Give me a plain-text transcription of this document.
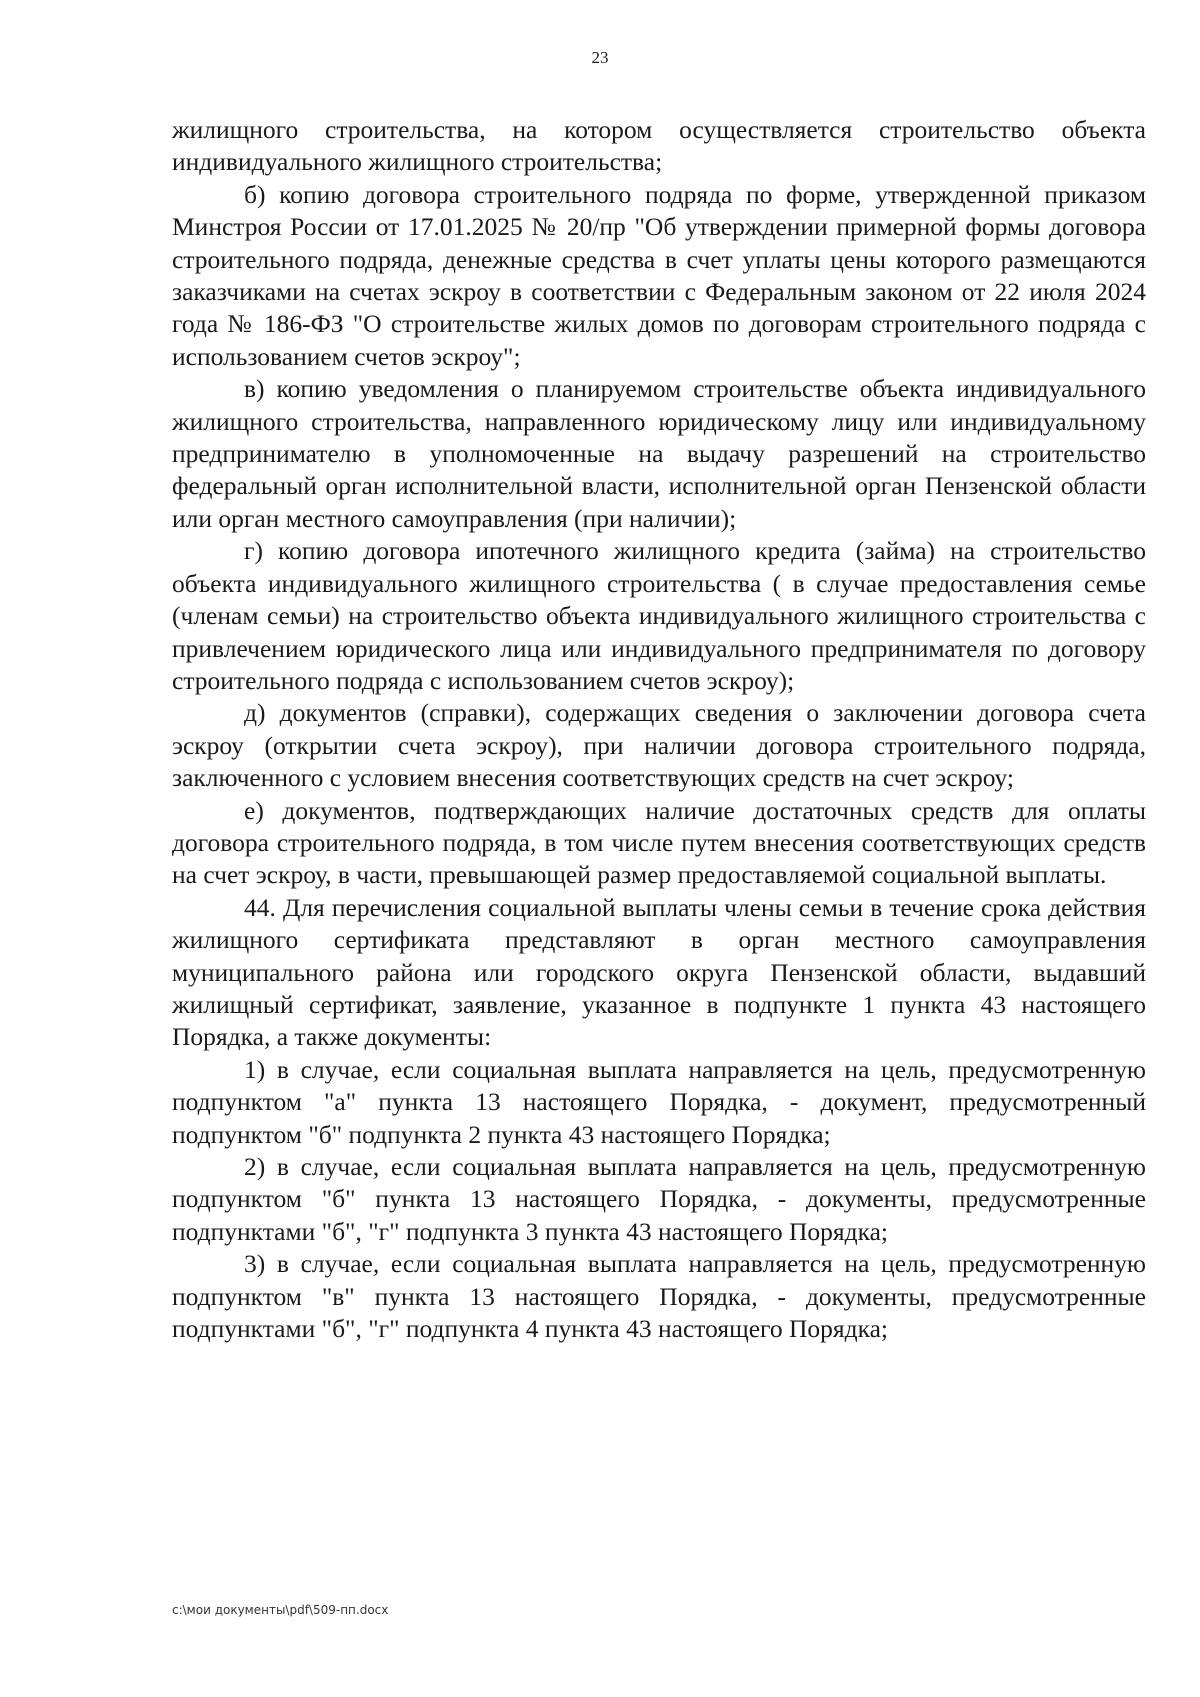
23

жилищного строительства, на котором осуществляется строительство объекта индивидуального жилищного строительства;

б) копию договора строительного подряда по форме, утвержденной приказом Минстроя России от 17.01.2025 № 20/пр "Об утверждении примерной формы договора строительного подряда, денежные средства в счет уплаты цены которого размещаются заказчиками на счетах эскроу в соответствии с Федеральным законом от 22 июля 2024 года № 186-ФЗ "О строительстве жилых домов по договорам строительного подряда с использованием счетов эскроу";

в) копию уведомления о планируемом строительстве объекта индивидуального жилищного строительства, направленного юридическому лицу или индивидуальному предпринимателю в уполномоченные на выдачу разрешений на строительство федеральный орган исполнительной власти, исполнительной орган Пензенской области или орган местного самоуправления (при наличии);

г) копию договора ипотечного жилищного кредита (займа) на строительство объекта индивидуального жилищного строительства ( в случае предоставления семье (членам семьи) на строительство объекта индивидуального жилищного строительства с привлечением юридического лица или индивидуального предпринимателя по договору строительного подряда с использованием счетов эскроу);

д) документов (справки), содержащих сведения о заключении договора счета эскроу (открытии счета эскроу), при наличии договора строительного подряда, заключенного с условием внесения соответствующих средств на счет эскроу;

е) документов, подтверждающих наличие достаточных средств для оплаты договора строительного подряда, в том числе путем внесения соответствующих средств на счет эскроу, в части, превышающей размер предоставляемой социальной выплаты.

44. Для перечисления социальной выплаты члены семьи в течение срока действия жилищного сертификата представляют в орган местного самоуправления муниципального района или городского округа Пензенской области, выдавший жилищный сертификат, заявление, указанное в подпункте 1 пункта 43 настоящего Порядка, а также документы:

1) в случае, если социальная выплата направляется на цель, предусмотренную подпунктом "а" пункта 13 настоящего Порядка, - документ, предусмотренный подпунктом "б" подпункта 2 пункта 43 настоящего Порядка;

2) в случае, если социальная выплата направляется на цель, предусмотренную подпунктом "б" пункта 13 настоящего Порядка, - документы, предусмотренные подпунктами "б", "г" подпункта 3 пункта 43 настоящего Порядка;

3) в случае, если социальная выплата направляется на цель, предусмотренную подпунктом "в" пункта 13 настоящего Порядка, - документы, предусмотренные подпунктами "б", "г" подпункта 4 пункта 43 настоящего Порядка;

c:\мои документы\pdf\509-пп.docx
